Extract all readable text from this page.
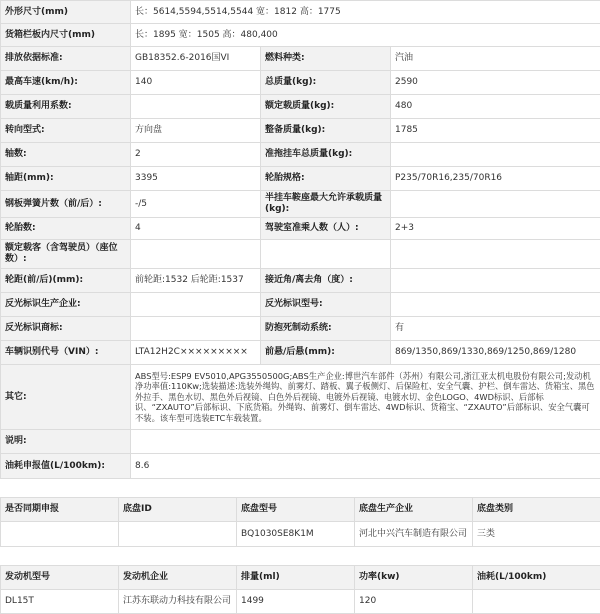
外形尺寸(mm)	长：5614,5594,5514,5544 宽：1812 高：1775		
货箱栏板内尺寸(mm)	长：1895 宽：1505 高：480,400		
排放依据标准:	GB18352.6-2016国VI	燃料种类:	汽油
最高车速(km/h):	140	总质量(kg):	2590
载质量利用系数:		额定载质量(kg):	480
转向型式:	方向盘	整备质量(kg):	1785
轴数:	2	准拖挂车总质量(kg):	
轴距(mm):	3395	轮胎规格:	P235/70R16,235/70R16
钢板弹簧片数（前/后）:	-/5	半挂车鞍座最大允许承载质量(kg):	
轮胎数:	4	驾驶室准乘人数（人）:	2+3
额定载客（含驾驶员）（座位数）:			
轮距(前/后)(mm):	前轮距:1532 后轮距:1537	接近角/离去角（度）:	
反光标识生产企业:		反光标识型号:	
反光标识商标:		防抱死制动系统:	有
车辆识别代号（VIN）:	LTA12H2C×××××××××	前悬/后悬(mm):	869/1350,869/1330,869/1250,869/1280
其它:	ABS型号:ESP9 EV5010,APG3550500G;ABS生产企业:博世汽车部件（苏州）有限公司,浙江亚太机电股份有限公司;发动机净功率值:110Kw;选装描述:选装外绳钩、前雾灯、踏板、翼子板侧灯、后保险杠、安全气囊、护栏、倒车雷达、货箱宝、黑色外拉手、黑色水切、黑色外后视镜、白色外后视镜、电镀外后视镜、电镀水切、金色LOGO、4WD标识、后部标识、“ZXAUTO”后部标识、下底货箱。外绳钩、前雾灯、倒车雷达、4WD标识、货箱宝、“ZXAUTO”后部标识、安全气囊可不装。该车型可选装ETC车载装置。		
说明:			
油耗申报值(L/100km):	8.6		
是否同期申报	底盘ID	底盘型号	底盘生产企业	底盘类别
		BQ1030SE8K1M	河北中兴汽车制造有限公司	三类
发动机型号	发动机企业	排量(ml)	功率(kw)	油耗(L/100km)
DL15T	江苏东联动力科技有限公司	1499	120	
